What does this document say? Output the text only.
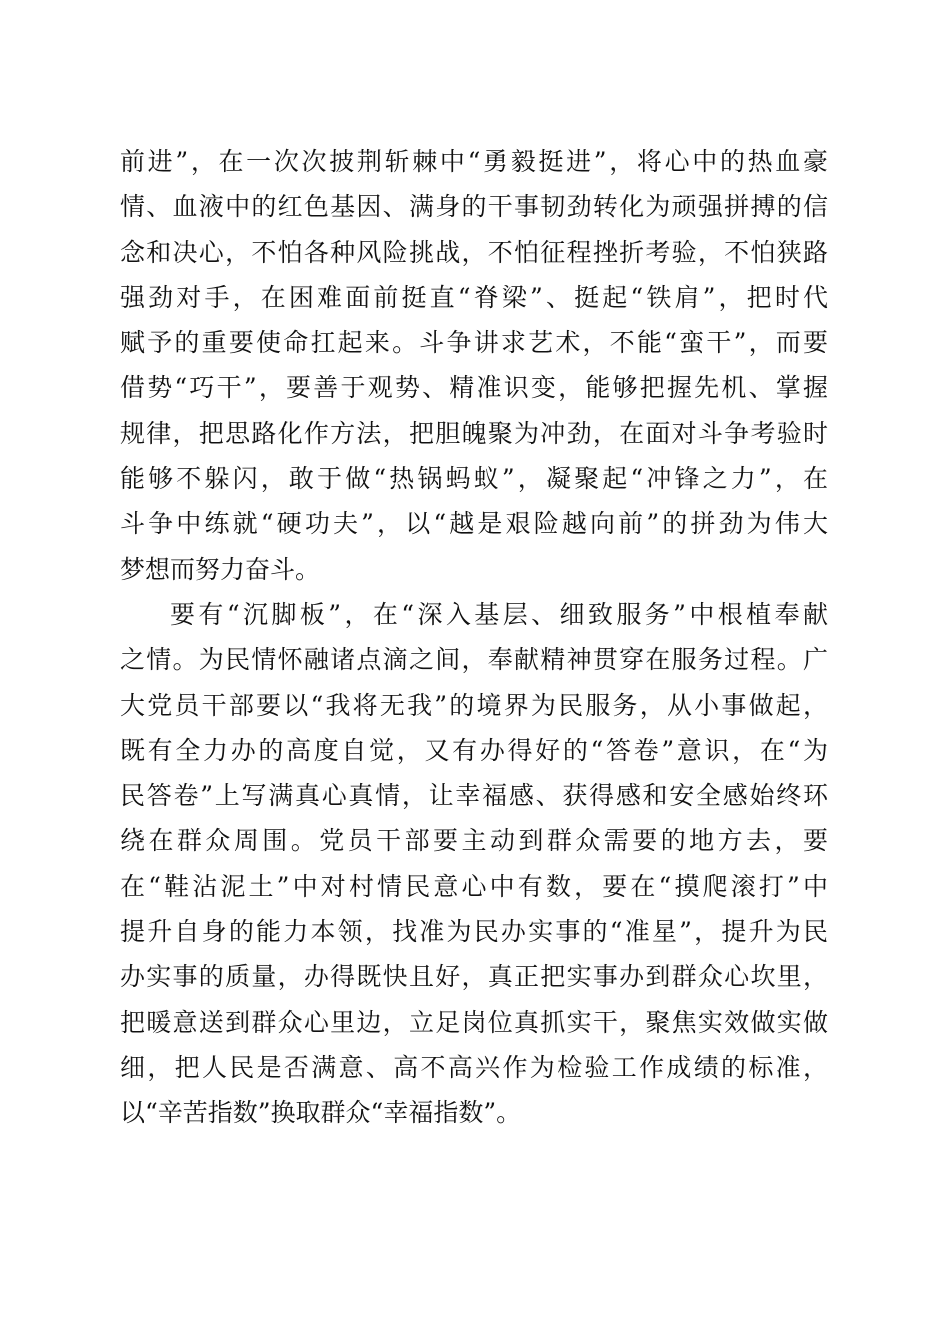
前进”，在一次次披荆斩棘中“勇毅挺进”，将心中的热血豪
情、血液中的红色基因、满身的干事韧劲转化为顽强拼搏的信
念和决心，不怕各种风险挑战，不怕征程挫折考验，不怕狭路
强劲对手，在困难面前挺直“脊梁”、挺起“铁肩”，把时代
赋予的重要使命扛起来。斗争讲求艺术，不能“蛮干”，而要
借势“巧干”，要善于观势、精准识变，能够把握先机、掌握
规律，把思路化作方法，把胆魄聚为冲劲，在面对斗争考验时
能够不躲闪，敢于做“热锅蚂蚁”，凝聚起“冲锋之力”，在
斗争中练就“硬功夫”，以“越是艰险越向前”的拼劲为伟大
梦想而努力奋斗。
要有“沉脚板”，在“深入基层、细致服务”中根植奉献
之情。为民情怀融诸点滴之间，奉献精神贯穿在服务过程。广
大党员干部要以“我将无我”的境界为民服务，从小事做起，
既有全力办的高度自觉，又有办得好的“答卷”意识，在“为
民答卷”上写满真心真情，让幸福感、获得感和安全感始终环
绕在群众周围。党员干部要主动到群众需要的地方去，要
在“鞋沾泥土”中对村情民意心中有数，要在“摸爬滚打”中
提升自身的能力本领，找准为民办实事的“准星”，提升为民
办实事的质量，办得既快且好，真正把实事办到群众心坎里，
把暖意送到群众心里边，立足岗位真抓实干，聚焦实效做实做
细，把人民是否满意、高不高兴作为检验工作成绩的标准，
以“辛苦指数”换取群众“幸福指数”。
